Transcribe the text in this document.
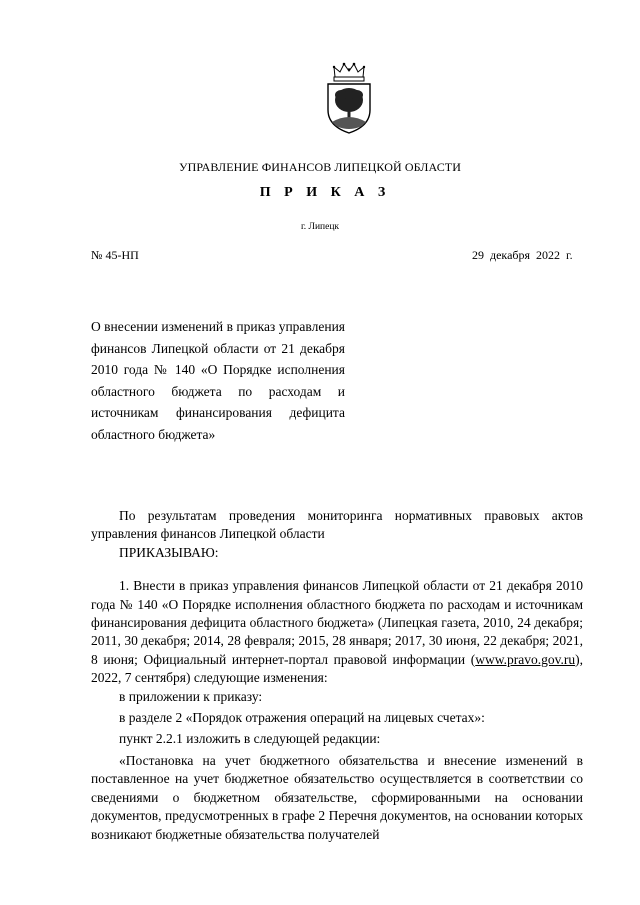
УПРАВЛЕНИЕ ФИНАНСОВ ЛИПЕЦКОЙ ОБЛАСТИ
П Р И К А З
г. Липецк
№ 45-НП	29 декабря 2022 г.
О внесении изменений в приказ управления финансов Липецкой области от 21 декабря 2010 года № 140 «О Порядке исполнения областного бюджета по расходам и источникам финансирования дефицита областного бюджета»

По результатам проведения мониторинга нормативных правовых актов управления финансов Липецкой области

ПРИКАЗЫВАЮ:

1. Внести в приказ управления финансов Липецкой области от 21 декабря 2010 года № 140 «О Порядке исполнения областного бюджета по расходам и источникам финансирования дефицита областного бюджета» (Липецкая газета, 2010, 24 декабря; 2011, 30 декабря; 2014, 28 февраля; 2015, 28 января; 2017, 30 июня, 22 декабря; 2021, 8 июня; Официальный интернет-портал правовой информации (www.pravo.gov.ru), 2022, 7 сентября) следующие изменения:

в приложении к приказу:

в разделе 2 «Порядок отражения операций на лицевых счетах»:

пункт 2.2.1 изложить в следующей редакции:

«Постановка на учет бюджетного обязательства и внесение изменений в поставленное на учет бюджетное обязательство осуществляется в соответствии со сведениями о бюджетном обязательстве, сформированными на основании документов, предусмотренных в графе 2 Перечня документов, на основании которых возникают бюджетные обязательства получателей
